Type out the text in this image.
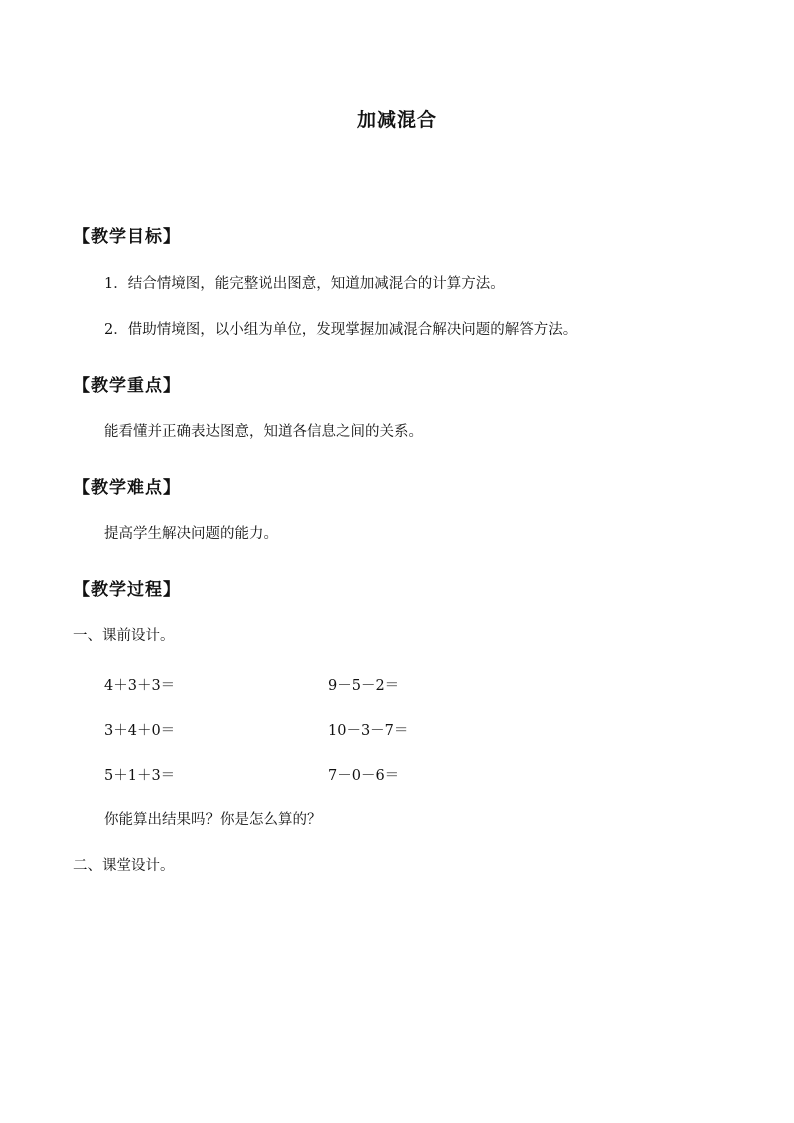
加减混合
【教学目标】
1．结合情境图，能完整说出图意，知道加减混合的计算方法。
2．借助情境图，以小组为单位，发现掌握加减混合解决问题的解答方法。
【教学重点】
能看懂并正确表达图意，知道各信息之间的关系。
【教学难点】
提高学生解决问题的能力。
【教学过程】
一、课前设计。
4＋3＋3＝	9－5－2＝
3＋4＋0＝	10－3－7＝
5＋1＋3＝	7－0－6＝
你能算出结果吗？你是怎么算的？
二、课堂设计。
